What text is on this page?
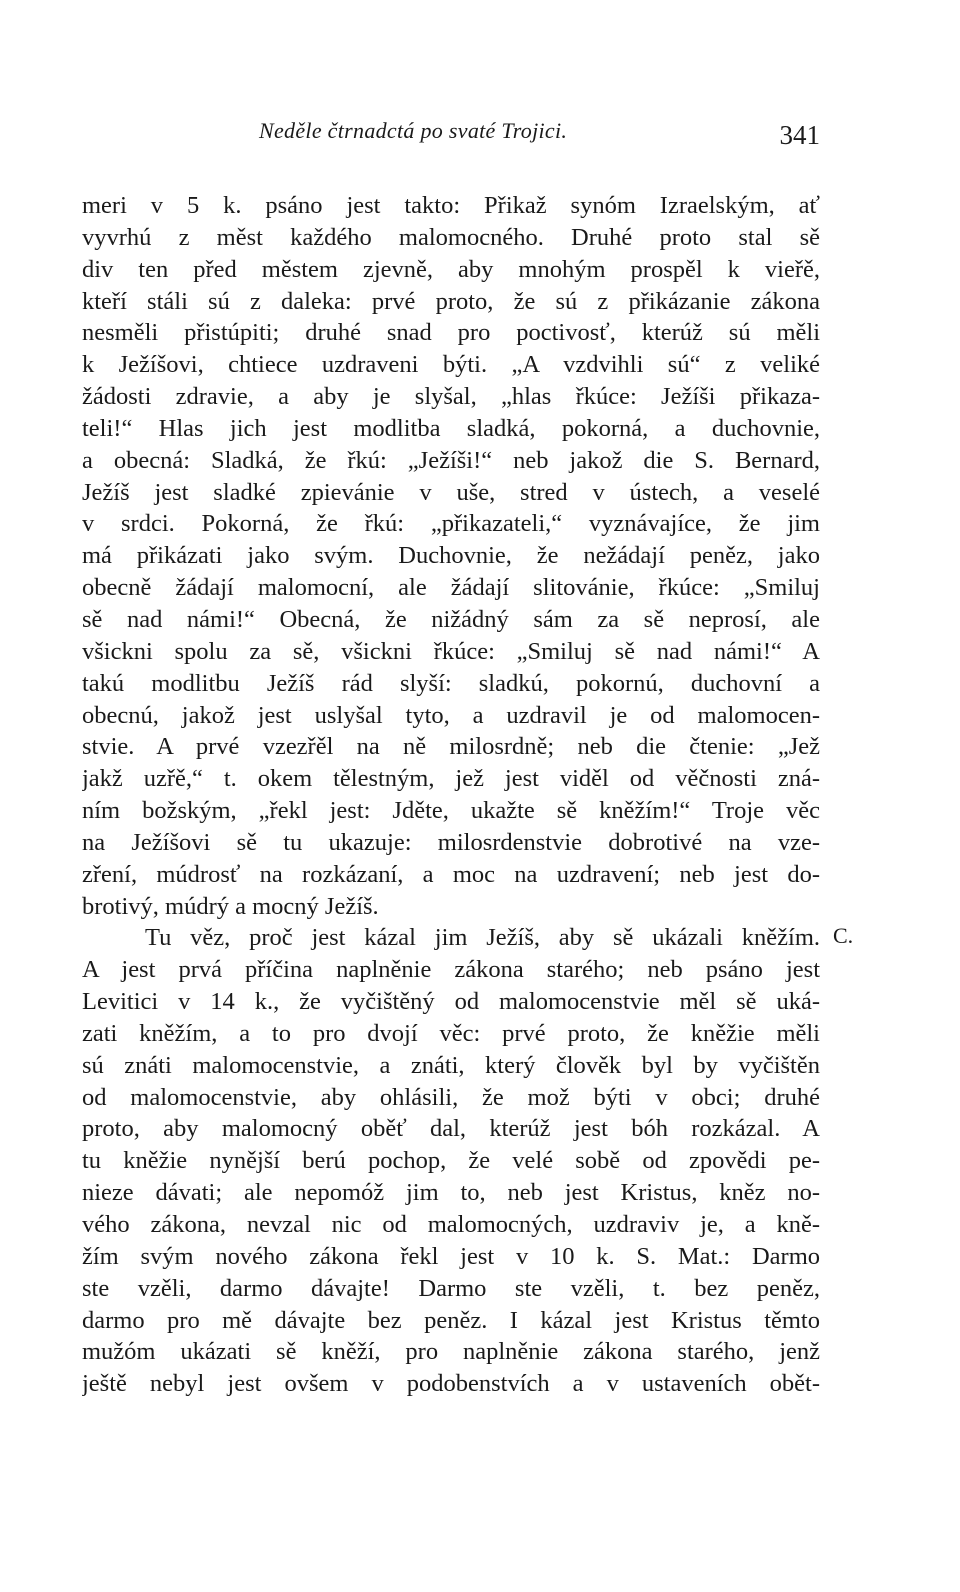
Neděle čtrnadctá po svaté Trojici.	341
meri v 5 k. psáno jest takto: Přikaž synóm Izraelským, ať
vyvrhú z měst každého malomocného. Druhé proto stal sě
div ten před městem zjevně, aby mnohým prospěl k vieřě,
kteří stáli sú z daleka: prvé proto, že sú z přikázanie zákona
nesměli přistúpiti; druhé snad pro poctivosť, kterúž sú měli
k Ježíšovi, chtiece uzdraveni býti. „A vzdvihli sú“ z veliké
žádosti zdravie, a aby je slyšal, „hlas řkúce: Ježíši přikaza-
teli!“ Hlas jich jest modlitba sladká, pokorná, a duchovnie,
a obecná: Sladká, že řkú: „Ježíši!“ neb jakož die S. Bernard,
Ježíš jest sladké zpievánie v uše, stred v ústech, a veselé
v srdci. Pokorná, že řkú: „přikazateli,“ vyznávajíce, že jim
má přikázati jako svým. Duchovnie, že nežádají peněz, jako
obecně žádají malomocní, ale žádají slitovánie, řkúce: „Smiluj
sě nad námi!“ Obecná, že nižádný sám za sě neprosí, ale
všickni spolu za sě, všickni řkúce: „Smiluj sě nad námi!“ A
takú modlitbu Ježíš rád slyší: sladkú, pokornú, duchovní a
obecnú, jakož jest uslyšal tyto, a uzdravil je od malomocen-
stvie. A prvé vzezřěl na ně milosrdně; neb die čtenie: „Jež
jakž uzřě,“ t. okem tělestným, jež jest viděl od věčnosti zná-
ním božským, „řekl jest: Jděte, ukažte sě kněžím!“ Troje věc
na Ježíšovi sě tu ukazuje: milosrdenstvie dobrotivé na vze-
zření, múdrosť na rozkázaní, a moc na uzdravení; neb jest do-
brotivý, múdrý a mocný Ježíš.
Tu věz, proč jest kázal jim Ježíš, aby sě ukázali kněžím.
A jest prvá příčina naplněnie zákona starého; neb psáno jest
Levitici v 14 k., že vyčištěný od malomocenstvie měl sě uká-
zati kněžím, a to pro dvojí věc: prvé proto, že kněžie měli
sú znáti malomocenstvie, a znáti, který člověk byl by vyčištěn
od malomocenstvie, aby ohlásili, že mož býti v obci; druhé
proto, aby malomocný oběť dal, kterúž jest bóh rozkázal. A
tu kněžie nynější berú pochop, že velé sobě od zpovědi pe-
nieze dávati; ale nepomóž jim to, neb jest Kristus, kněz no-
vého zákona, nevzal nic od malomocných, uzdraviv je, a kně-
žím svým nového zákona řekl jest v 10 k. S. Mat.: Darmo
ste vzěli, darmo dávajte! Darmo ste vzěli, t. bez peněz,
darmo pro mě dávajte bez peněz. I kázal jest Kristus těmto
mužóm ukázati sě kněží, pro naplněnie zákona starého, jenž
ještě nebyl jest ovšem v podobenstvích a v ustaveních obět-
C.
